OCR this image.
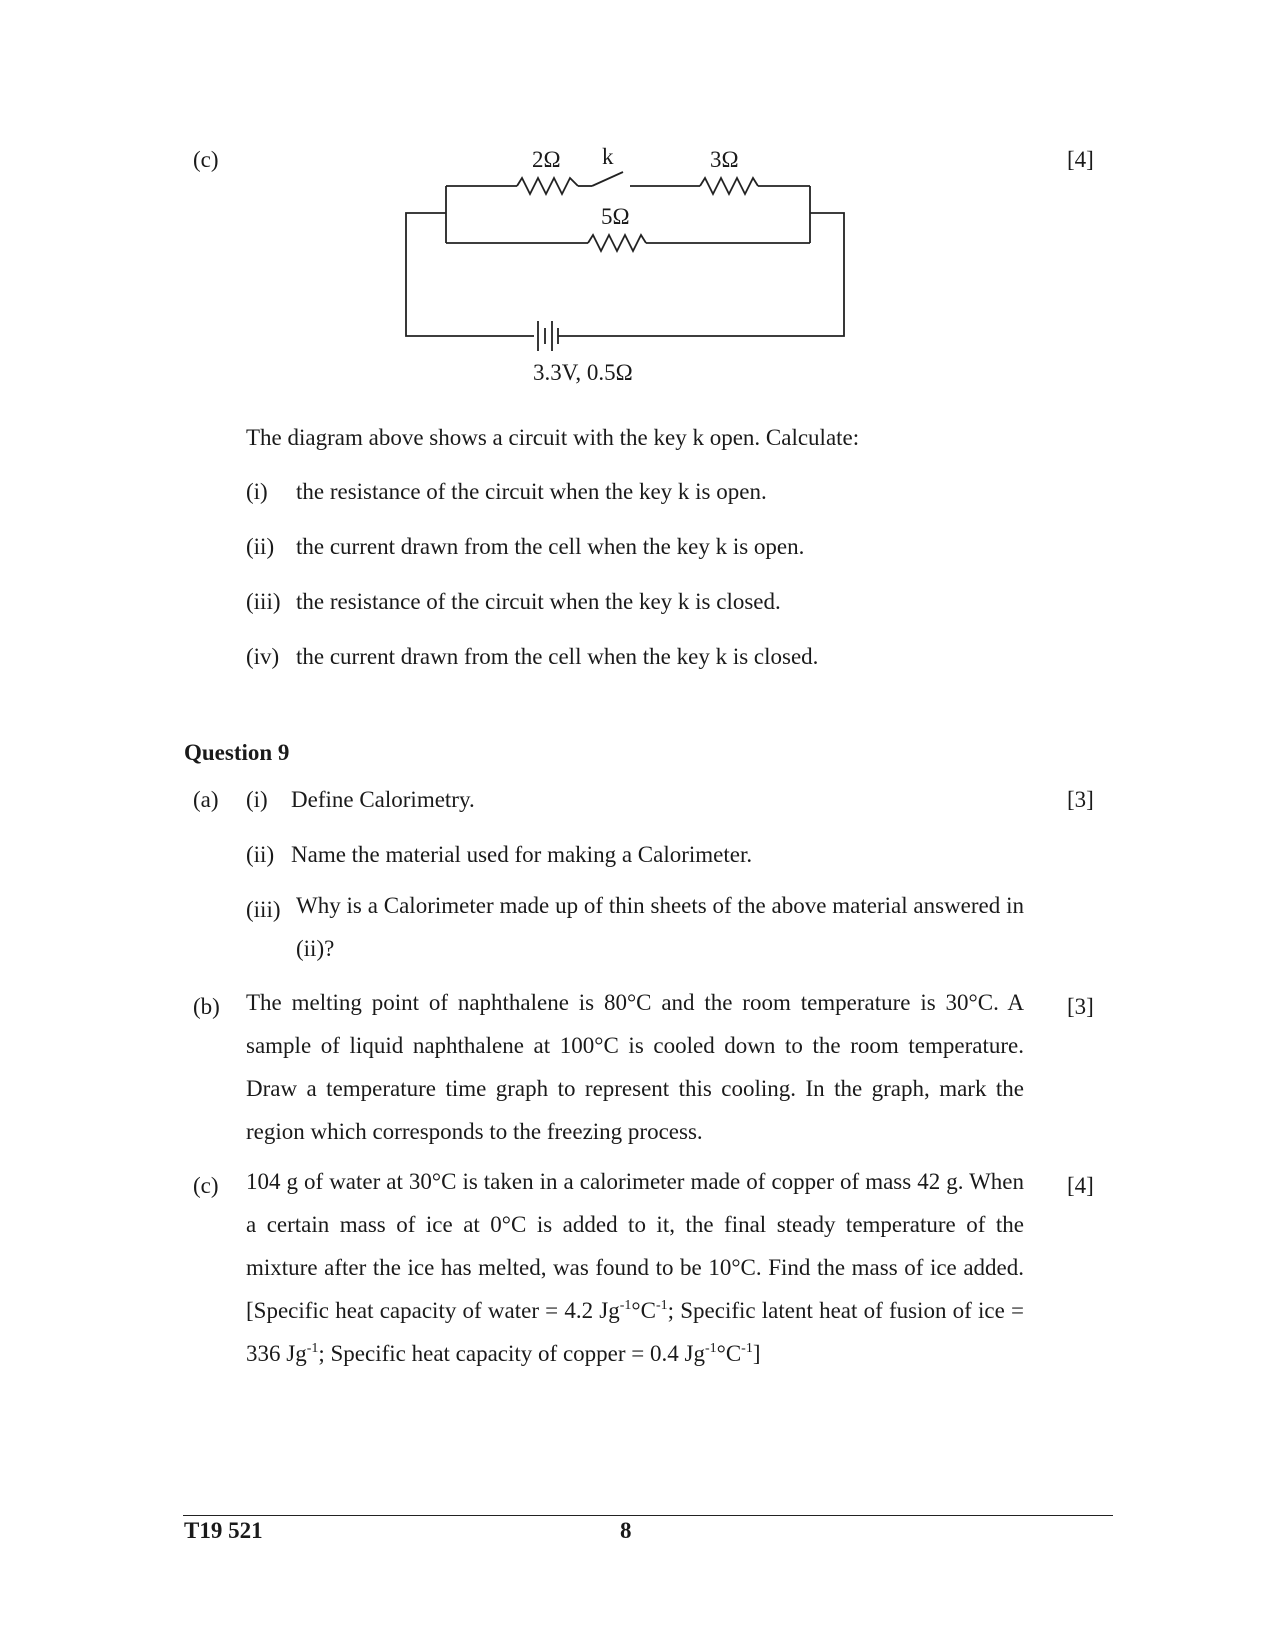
(c)	[4]
2Ω k	3Ω
5Ω
3.3V, 0.5Ω
The diagram above shows a circuit with the key k open. Calculate:
(i) the resistance of the circuit when the key k is open.
(ii) the current drawn from the cell when the key k is open.
(iii) the resistance of the circuit when the key k is closed.
(iv) the current drawn from the cell when the key k is closed.
Question 9
(a) (i) Define Calorimetry.	[3]
(ii) Name the material used for making a Calorimeter.
(iii) Why is a Calorimeter made up of thin sheets of the above material answered in (ii)?
(b) The melting point of naphthalene is 80°C and the room temperature is 30°C. A sample of liquid naphthalene at 100°C is cooled down to the room temperature. Draw a temperature time graph to represent this cooling. In the graph, mark the region which corresponds to the freezing process.
[3]
(c) 104 g of water at 30°C is taken in a calorimeter made of copper of mass 42 g. When a certain mass of ice at 0°C is added to it, the final steady temperature of the mixture after the ice has melted, was found to be 10°C. Find the mass of ice added. [Specific heat capacity of water = 4.2 $Jg^{-1}^\circ C^{-1}$; Specific latent heat of fusion of ice = 336 $Jg^{-1}$; Specific heat capacity of copper = 0.4 $Jg^{-1}^\circ C^{-1}$]
[4]
T19 521	8
